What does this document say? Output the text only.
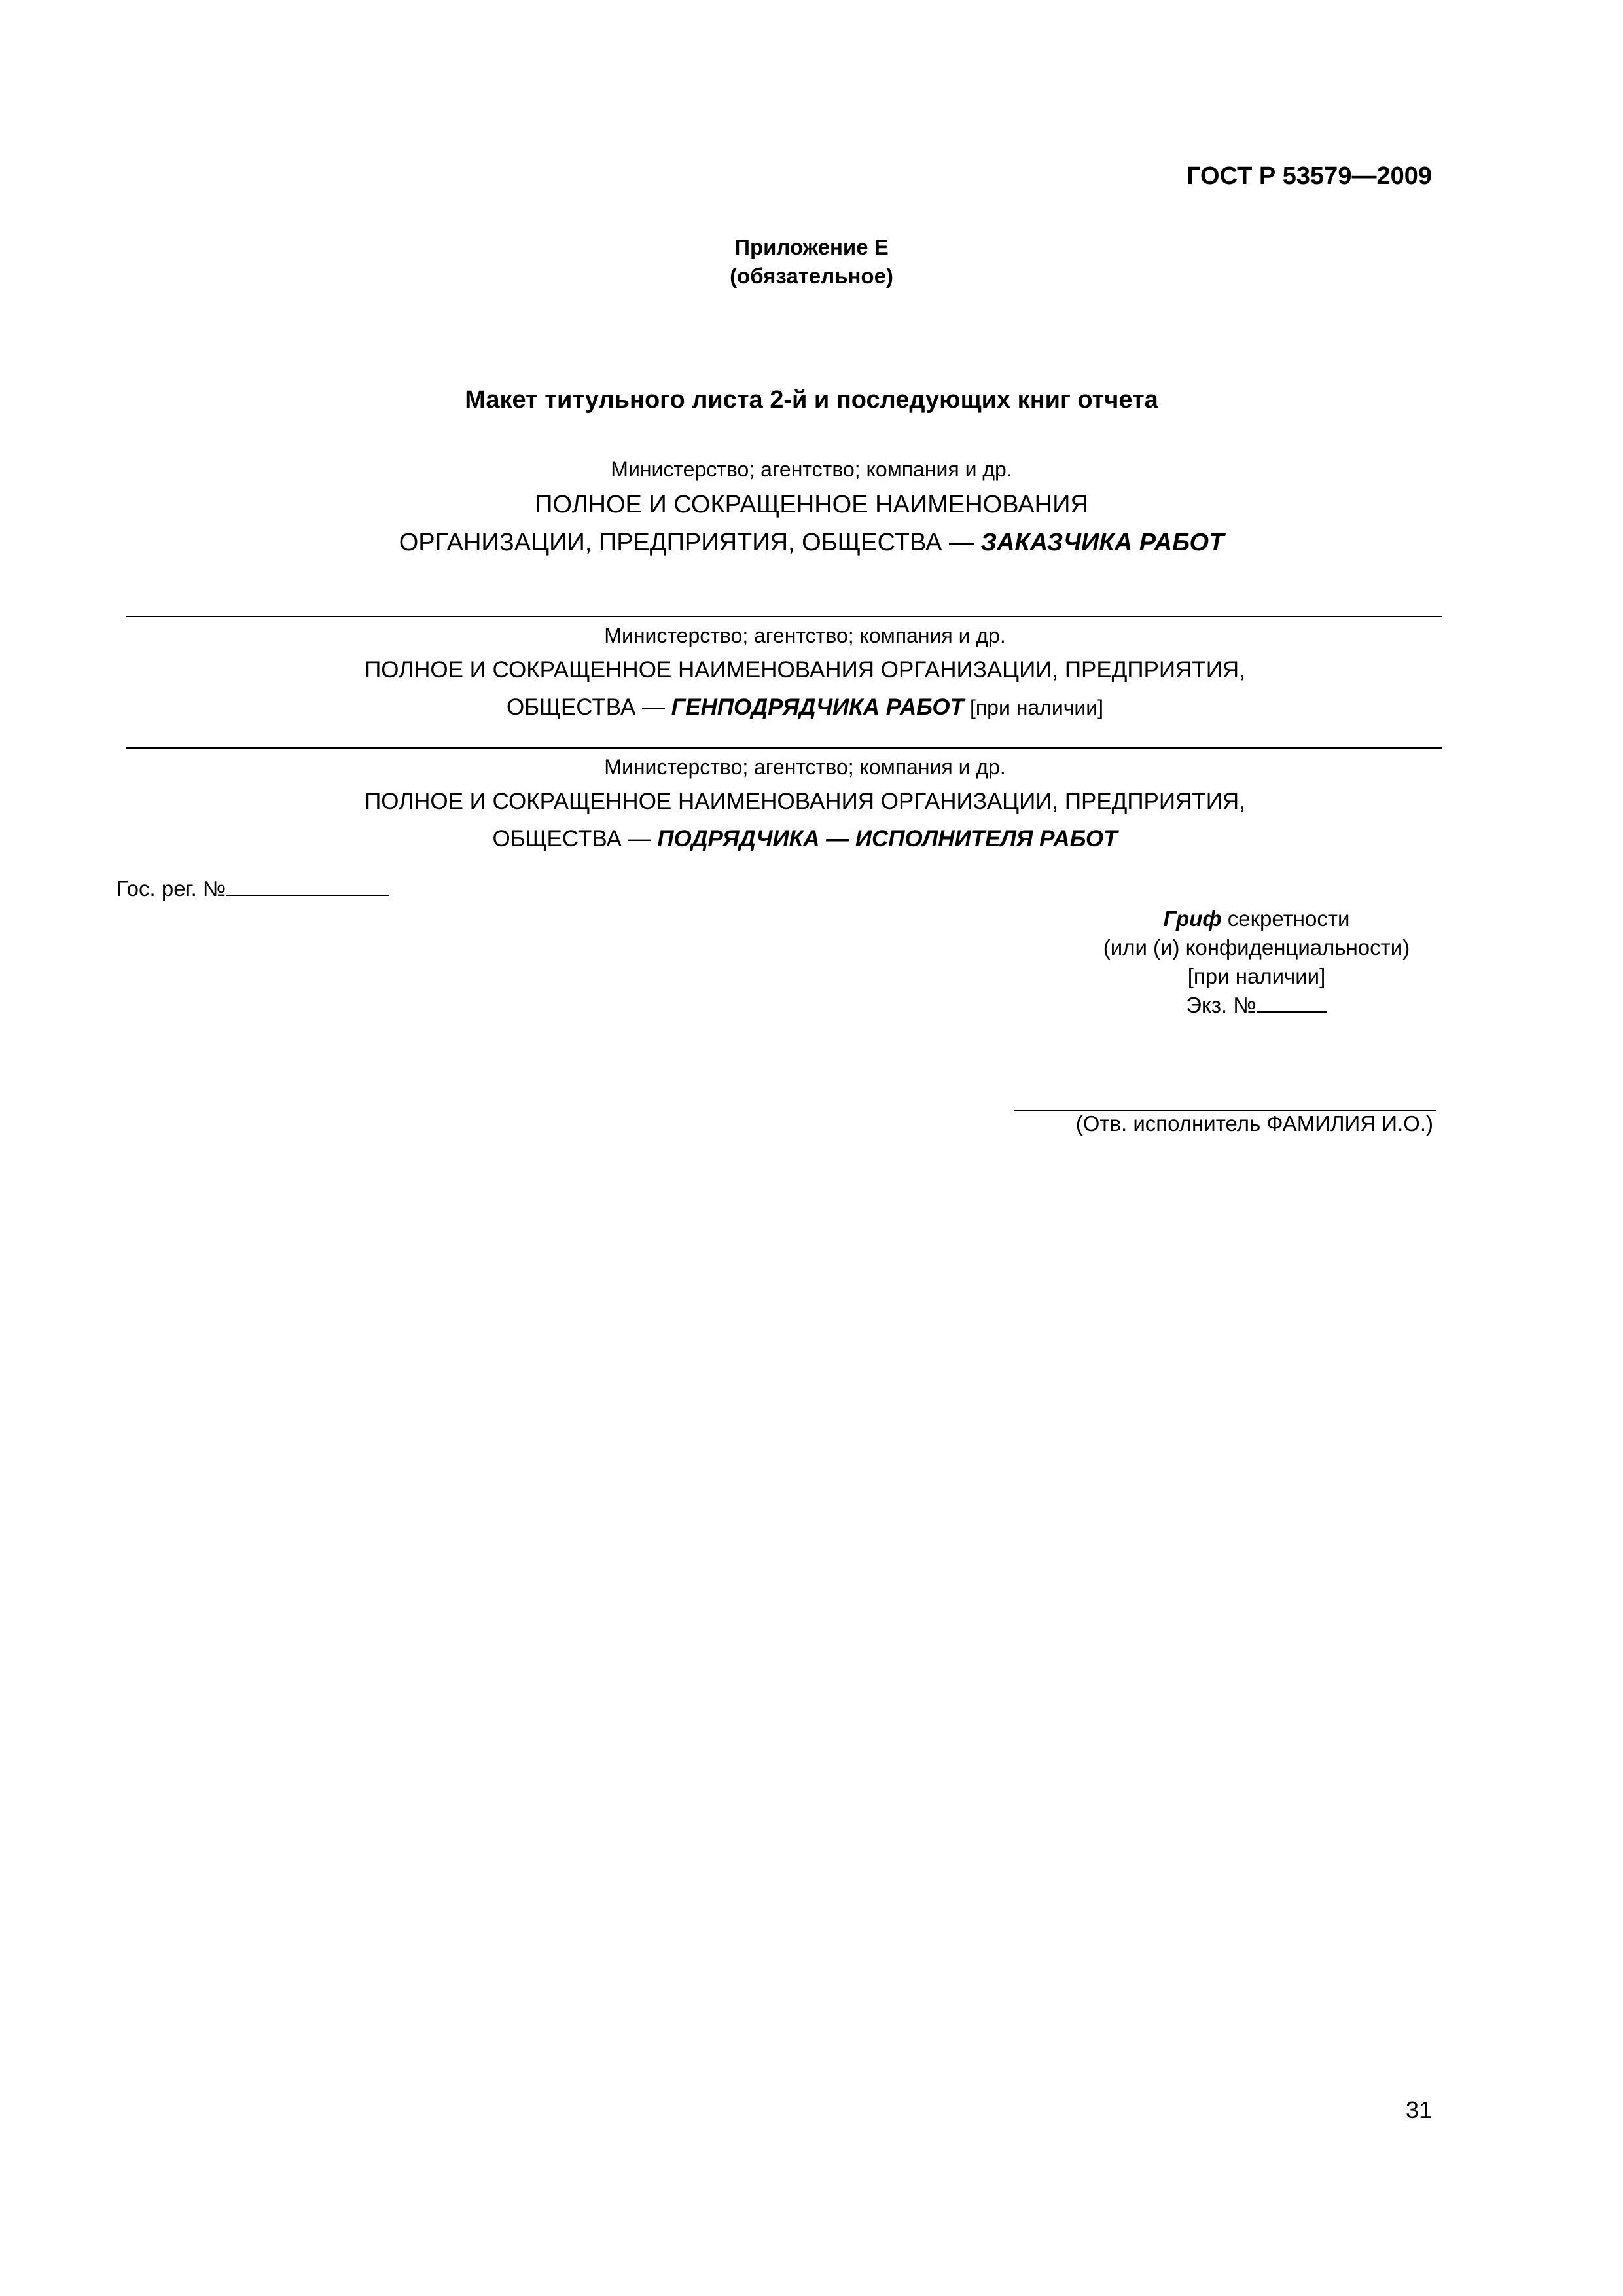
ГОСТ Р 53579—2009
Приложение Е
(обязательное)
Макет титульного листа 2-й и последующих книг отчета
Министерство; агентство; компания и др.
ПОЛНОЕ И СОКРАЩЕННОЕ НАИМЕНОВАНИЯ
ОРГАНИЗАЦИИ, ПРЕДПРИЯТИЯ, ОБЩЕСТВА — ЗАКАЗЧИКА РАБОТ
Министерство; агентство; компания и др.
ПОЛНОЕ И СОКРАЩЕННОЕ НАИМЕНОВАНИЯ ОРГАНИЗАЦИИ, ПРЕДПРИЯТИЯ,
ОБЩЕСТВА — ГЕНПОДРЯДЧИКА РАБОТ [при наличии]
Министерство; агентство; компания и др.
ПОЛНОЕ И СОКРАЩЕННОЕ НАИМЕНОВАНИЯ ОРГАНИЗАЦИИ, ПРЕДПРИЯТИЯ,
ОБЩЕСТВА — ПОДРЯДЧИКА — ИСПОЛНИТЕЛЯ РАБОТ
Гос. рег. №
Гриф секретности
(или (и) конфиденциальности)
[при наличии]
Экз. №
(Отв. исполнитель ФАМИЛИЯ И.О.)
31
